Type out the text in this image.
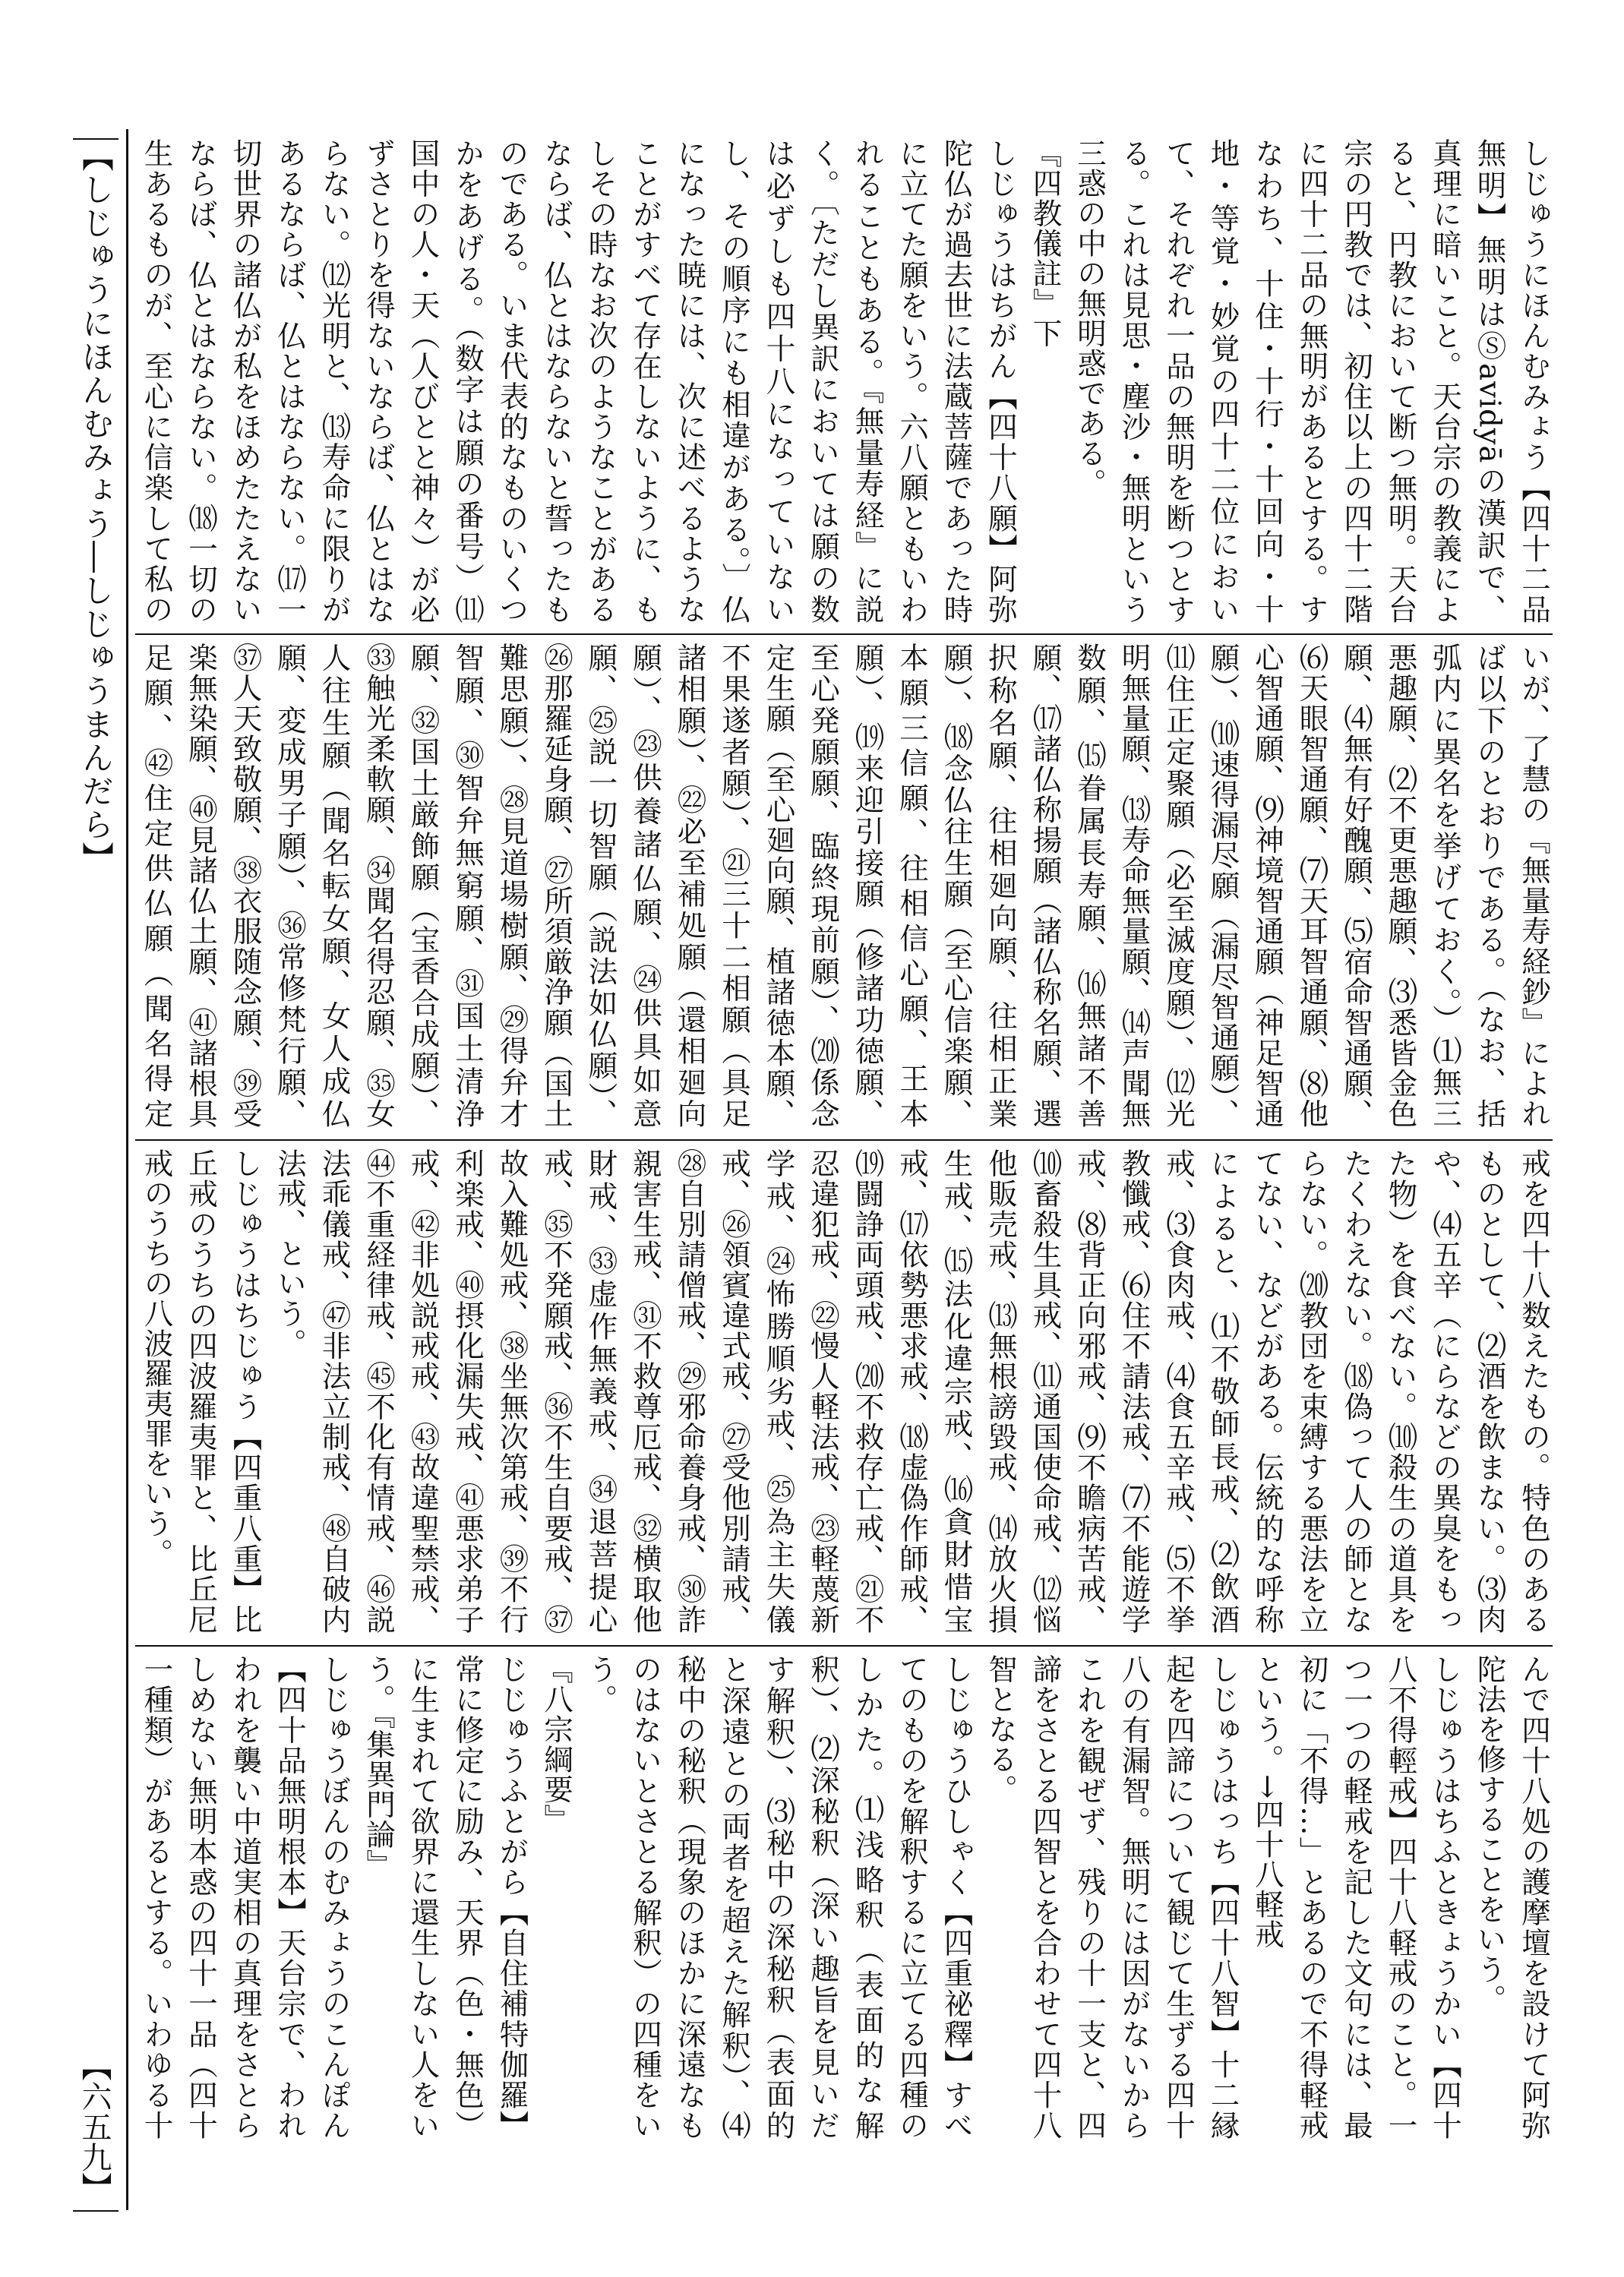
【しじゅうにほんむみょう―しじゅうまんだら】
【六五九】

しじゅうにほんむみょう【四十二品無明】無明はⓈavidyāの漢訳で、真理に暗いこと。天台宗の教義によると、円教において断つ無明。天台宗の円教では、初住以上の四十二階に四十二品の無明があるとする。すなわち、十住・十行・十回向・十地・等覚・妙覚の四十二位において、それぞれ一品の無明を断つとする。これは見思・塵沙・無明という三惑の中の無明惑である。

『四教儀註』下

しじゅうはちがん【四十八願】阿弥陀仏が過去世に法蔵菩薩であった時に立てた願をいう。六八願ともいわれることもある。『無量寿経』に説く。〔ただし異訳においては願の数は必ずしも四十八になっていないし、その順序にも相違がある。〕仏になった暁には、次に述べるようなことがすべて存在しないように、もしその時なお次のようなことがあるならば、仏とはならないと誓ったものである。いま代表的なものいくつかをあげる。（数字は願の番号）⑾国中の人・天（人びとと神々）が必ずさとりを得ないならば、仏とはならない。⑿光明と、⒀寿命に限りがあるならば、仏とはならない。⒄一切世界の諸仏が私をほめたたえないならば、仏とはならない。⒅一切の生あるものが、至心に信楽して私の

いが、了慧の『無量寿経鈔』によれば以下のとおりである。（なお、括弧内に異名を挙げておく。）⑴無三悪趣願、⑵不更悪趣願、⑶悉皆金色願、⑷無有好醜願、⑸宿命智通願、⑹天眼智通願、⑺天耳智通願、⑻他心智通願、⑼神境智通願（神足智通願）、⑽速得漏尽願（漏尽智通願）、⑾住正定聚願（必至滅度願）、⑿光明無量願、⒀寿命無量願、⒁声聞無数願、⒂眷属長寿願、⒃無諸不善願、⒄諸仏称揚願（諸仏称名願、選択称名願、往相廻向願、往相正業願）、⒅念仏往生願（至心信楽願、本願三信願、往相信心願、王本願）、⒆来迎引接願（修諸功徳願、至心発願願、臨終現前願）、⒇係念定生願（至心廻向願、植諸徳本願、不果遂者願）、㉑三十二相願（具足諸相願）、㉒必至補処願（還相廻向願）、㉓供養諸仏願、㉔供具如意願、㉕説一切智願（説法如仏願）、㉖那羅延身願、㉗所須厳浄願（国土難思願）、㉘見道場樹願、㉙得弁才智願、㉚智弁無窮願、㉛国土清浄願、㉜国土厳飾願（宝香合成願）、㉝触光柔軟願、㉞聞名得忍願、㉟女人往生願（聞名転女願、女人成仏願、変成男子願）、㊱常修梵行願、㊲人天致敬願、㊳衣服随念願、㊴受楽無染願、㊵見諸仏土願、㊶諸根具足願、㊷住定供仏願（聞名得定

戒を四十八数えたもの。特色のあるものとして、⑵酒を飲まない。⑶肉や、⑷五辛（にらなどの異臭をもった物）を食べない。⑽殺生の道具をたくわえない。⒅偽って人の師とならない。⒇教団を束縛する悪法を立てない、などがある。伝統的な呼称によると、⑴不敬師長戒、⑵飲酒戒、⑶食肉戒、⑷食五辛戒、⑸不挙教懺戒、⑹住不請法戒、⑺不能遊学戒、⑻背正向邪戒、⑼不瞻病苦戒、⑽畜殺生具戒、⑾通国使命戒、⑿悩他販売戒、⒀無根謗毀戒、⒁放火損生戒、⒂法化違宗戒、⒃貪財惜宝戒、⒄依勢悪求戒、⒅虚偽作師戒、⒆闘諍両頭戒、⒇不救存亡戒、㉑不忍違犯戒、㉒慢人軽法戒、㉓軽蔑新学戒、㉔怖勝順劣戒、㉕為主失儀戒、㉖領賓違式戒、㉗受他別請戒、㉘自別請僧戒、㉙邪命養身戒、㉚詐親害生戒、㉛不救尊厄戒、㉜横取他財戒、㉝虚作無義戒、㉞退菩提心戒、㉟不発願戒、㊱不生自要戒、㊲故入難処戒、㊳坐無次第戒、㊴不行利楽戒、㊵摂化漏失戒、㊶悪求弟子戒、㊷非処説戒戒、㊸故違聖禁戒、㊹不重経律戒、㊺不化有情戒、㊻説法乖儀戒、㊼非法立制戒、㊽自破内法戒、という。

しじゅうはちじゅう【四重八重】比丘戒のうちの四波羅夷罪と、比丘尼戒のうちの八波羅夷罪をいう。

んで四十八処の護摩壇を設けて阿弥陀法を修することをいう。

しじゅうはちふときょうかい【四十八不得輕戒】四十八軽戒のこと。一つ一つの軽戒を記した文句には、最初に「不得…」とあるので不得軽戒という。→四十八軽戒

しじゅうはっち【四十八智】十二縁起を四諦について観じて生ずる四十八の有漏智。無明には因がないからこれを観ぜず、残りの十一支と、四諦をさとる四智とを合わせて四十八智となる。

しじゅうひしゃく【四重祕釋】すべてのものを解釈するに立てる四種のしかた。⑴浅略釈（表面的な解釈）、⑵深秘釈（深い趣旨を見いだす解釈）、⑶秘中の深秘釈（表面的と深遠との両者を超えた解釈）、⑷秘中の秘釈（現象のほかに深遠なものはないとさとる解釈）の四種をいう。

『八宗綱要』

じじゅうふとがら【自住補特伽羅】常に修定に励み、天界（色・無色）に生まれて欲界に還生しない人をいう。『集異門論』

しじゅうぼんのむみょうのこんぽん【四十品無明根本】天台宗で、われわれを襲い中道実相の真理をさとらしめない無明本惑の四十一品（四十一種類）があるとする。いわゆる十
